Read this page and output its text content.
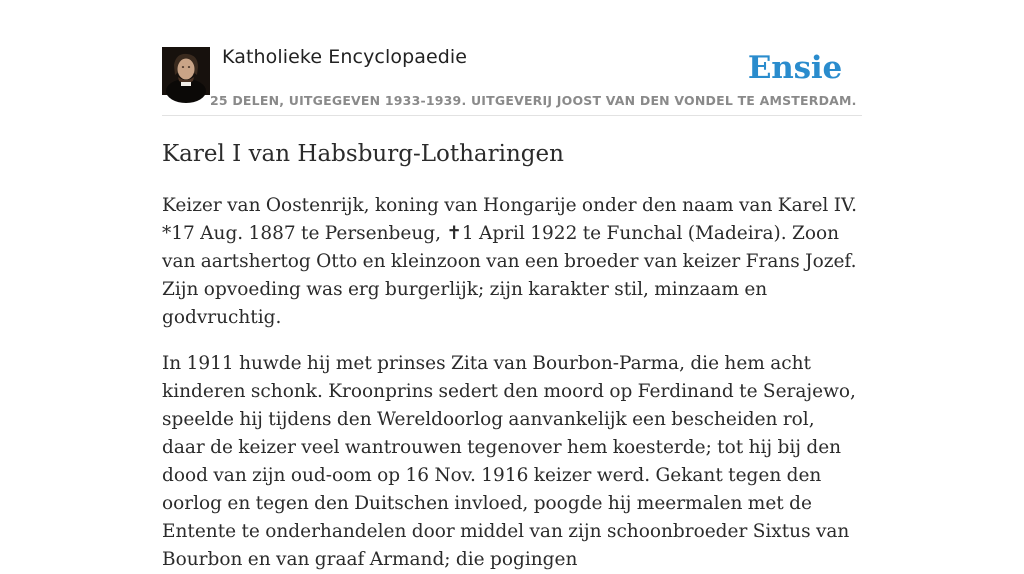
Katholieke Encyclopaedie	Ensie
25 DELEN, UITGEGEVEN 1933-1939. UITGEVERIJ JOOST VAN DEN VONDEL TE AMSTERDAM.
Karel I van Habsburg-Lotharingen

Keizer van Oostenrijk, koning van Hongarije onder den naam van Karel IV. *17 Aug. 1887 te Persenbeug, ✝1 April 1922 te Funchal (Madeira). Zoon van aartshertog Otto en kleinzoon van een broeder van keizer Frans Jozef. Zijn opvoeding was erg burgerlijk; zijn karakter stil, minzaam en godvruchtig.

In 1911 huwde hij met prinses Zita van Bourbon-Parma, die hem acht kinderen schonk. Kroonprins sedert den moord op Ferdinand te Serajewo, speelde hij tijdens den Wereldoorlog aanvankelijk een bescheiden rol, daar de keizer veel wantrouwen tegenover hem koesterde; tot hij bij den dood van zijn oud-oom op 16 Nov. 1916 keizer werd. Gekant tegen den oorlog en tegen den Duitschen invloed, poogde hij meermalen met de Entente te onderhandelen door middel van zijn schoonbroeder Sixtus van Bourbon en van graaf Armand; die pogingen
